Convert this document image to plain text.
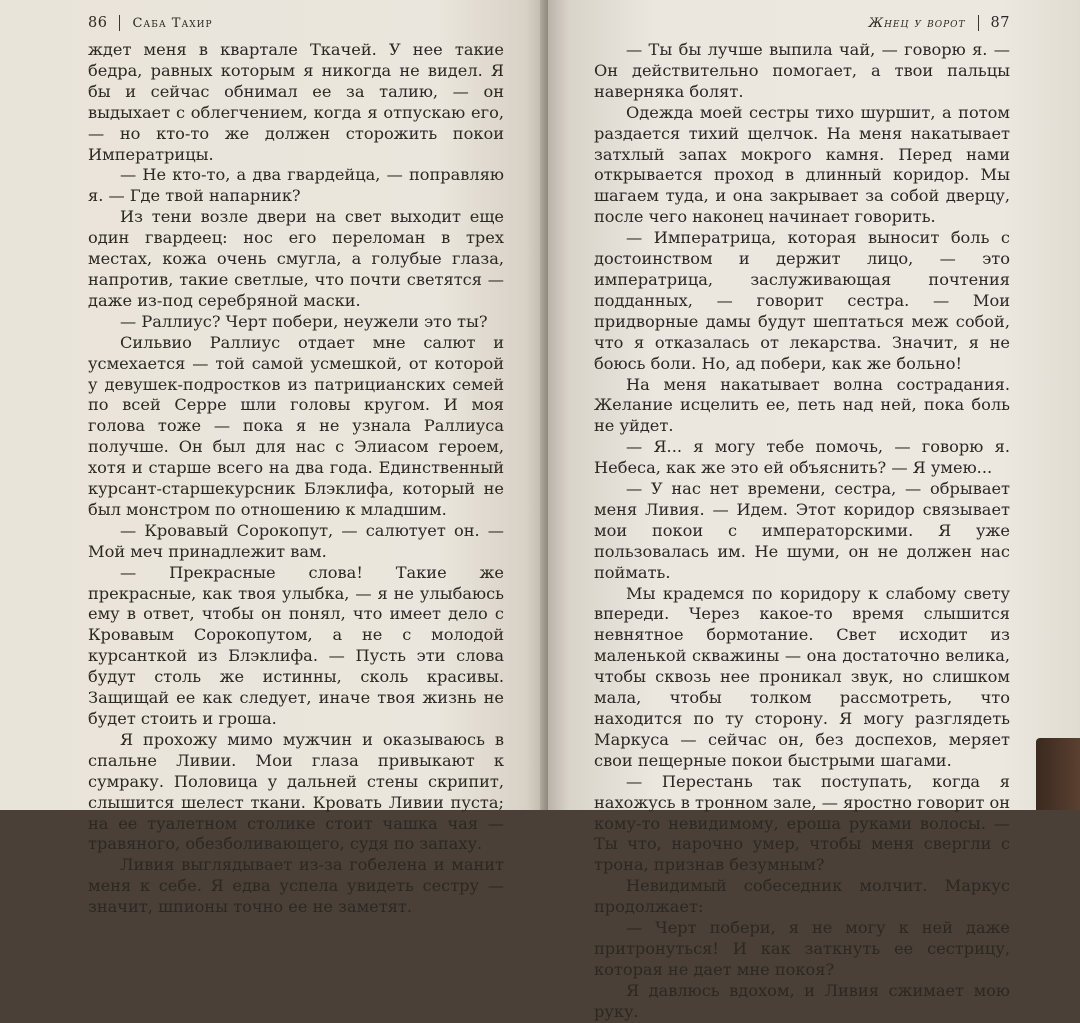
86 Саба Тахир

ждет меня в квартале Ткачей. У нее такие бедра, равных которым я никогда не видел. Я бы и сейчас обнимал ее за талию, — он выдыхает с облегчением, когда я отпускаю его, — но кто-то же должен сторожить покои Императрицы.

— Не кто-то, а два гвардейца, — поправляю я. — Где твой напарник?

Из тени возле двери на свет выходит еще один гвардеец: нос его переломан в трех местах, кожа очень смугла, а голубые глаза, напротив, такие светлые, что почти светятся — даже из-под серебряной маски.

— Раллиус? Черт побери, неужели это ты?

Сильвио Раллиус отдает мне салют и усмехается — той самой усмешкой, от которой у девушек-подростков из патрицианских семей по всей Серре шли головы кругом. И моя голова тоже — пока я не узнала Раллиуса получше. Он был для нас с Элиасом героем, хотя и старше всего на два года. Единственный курсант-старшекурсник Блэклифа, который не был монстром по отношению к младшим.

— Кровавый Сорокопут, — салютует он. — Мой меч принадлежит вам.

— Прекрасные слова! Такие же прекрасные, как твоя улыбка, — я не улыбаюсь ему в ответ, чтобы он понял, что имеет дело с Кровавым Сорокопутом, а не с молодой курсанткой из Блэклифа. — Пусть эти слова будут столь же истинны, сколь красивы. Защищай ее как следует, иначе твоя жизнь не будет стоить и гроша.

Я прохожу мимо мужчин и оказываюсь в спальне Ливии. Мои глаза привыкают к сумраку. Половица у дальней стены скрипит, слышится шелест ткани. Кровать Ливии пуста; на ее туалетном столике стоит чашка чая — травяного, обезболивающего, судя по запаху.

Ливия выглядывает из-за гобелена и манит меня к себе. Я едва успела увидеть сестру — значит, шпионы точно ее не заметят.

Жнец у ворот 87

— Ты бы лучше выпила чай, — говорю я. — Он действительно помогает, а твои пальцы наверняка болят.

Одежда моей сестры тихо шуршит, а потом раздается тихий щелчок. На меня накатывает затхлый запах мокрого камня. Перед нами открывается проход в длинный коридор. Мы шагаем туда, и она закрывает за собой дверцу, после чего наконец начинает говорить.

— Императрица, которая выносит боль с достоинством и держит лицо, — это императрица, заслуживающая почтения подданных, — говорит сестра. — Мои придворные дамы будут шептаться меж собой, что я отказалась от лекарства. Значит, я не боюсь боли. Но, ад побери, как же больно!

На меня накатывает волна сострадания. Желание исцелить ее, петь над ней, пока боль не уйдет.

— Я... я могу тебе помочь, — говорю я. Небеса, как же это ей объяснить? — Я умею...

— У нас нет времени, сестра, — обрывает меня Ливия. — Идем. Этот коридор связывает мои покои с императорскими. Я уже пользовалась им. Не шуми, он не должен нас поймать.

Мы крадемся по коридору к слабому свету впереди. Через какое-то время слышится невнятное бормотание. Свет исходит из маленькой скважины — она достаточно велика, чтобы сквозь нее проникал звук, но слишком мала, чтобы толком рассмотреть, что находится по ту сторону. Я могу разглядеть Маркуса — сейчас он, без доспехов, меряет свои пещерные покои быстрыми шагами.

— Перестань так поступать, когда я нахожусь в тронном зале, — яростно говорит он кому-то невидимому, ероша руками волосы. — Ты что, нарочно умер, чтобы меня свергли с трона, признав безумным?

Невидимый собеседник молчит. Маркус продолжает:

— Черт побери, я не могу к ней даже притронуться! И как заткнуть ее сестрицу, которая не дает мне покоя?

Я давлюсь вдохом, и Ливия сжимает мою руку.
